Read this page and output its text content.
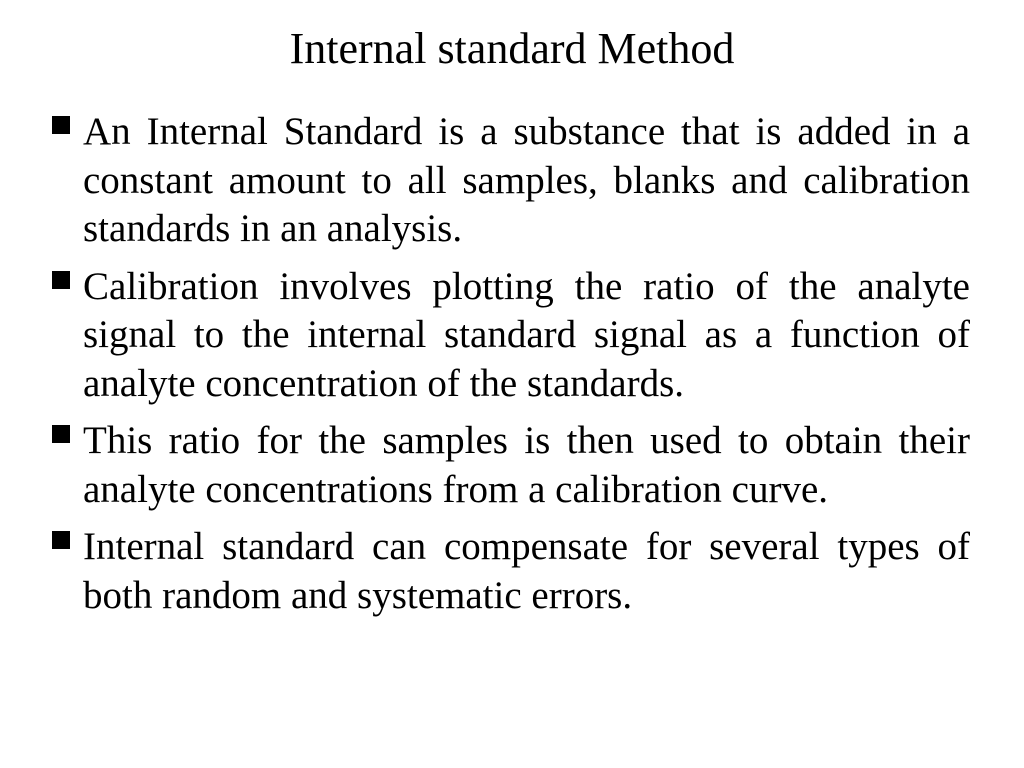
Internal standard Method
An Internal Standard is a substance that is added in a constant amount to all samples, blanks and calibration standards in an analysis.
Calibration involves plotting the ratio of the analyte signal to the internal standard signal as a function of analyte concentration of the standards.
This ratio for the samples is then used to obtain their analyte concentrations from a calibration curve.
Internal standard can compensate for several types of both random and systematic errors.
